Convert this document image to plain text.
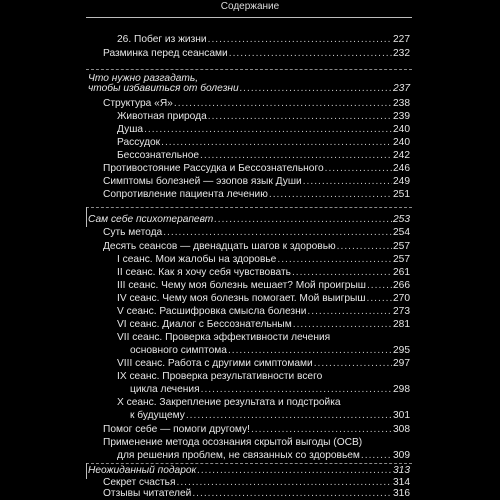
Содержание
26. Побег из жизни .....	227
Разминка перед сеансами .....	232
Что нужно разгадать,
чтобы избавиться от болезни .....	237
Структура «Я» .....	238
Животная природа .....	239
Душа .....	240
Рассудок .....	240
Бессознательное .....	242
Противостояние Рассудка и Бессознательного .....	246
Симптомы болезней — эзопов язык Души .....	249
Сопротивление пациента лечению .....	251
Сам себе психотерапевт .....	253
Суть метода .....	254
Десять сеансов — двенадцать шагов к здоровью .....	257
I сеанс. Мои жалобы на здоровье .....	257
II сеанс. Как я хочу себя чувствовать .....	261
III сеанс. Чему моя болезнь мешает? Мой проигрыш .....	266
IV сеанс. Чему моя болезнь помогает. Мой выигрыш .....	270
V сеанс. Расшифровка смысла болезни .....	273
VI сеанс. Диалог с Бессознательным .....	281
VII сеанс. Проверка эффективности лечения
основного симптома .....	295
VIII сеанс. Работа с другими симптомами .....	297
IX сеанс. Проверка результативности всего
цикла лечения .....	298
X сеанс. Закрепление результата и подстройка
к будущему .....	301
Помог себе — помоги другому! .....	308
Применение метода осознания скрытой выгоды (ОСВ)
для решения проблем, не связанных со здоровьем .....	309
Неожиданный подарок .....	313
Секрет счастья .....	314
Отзывы читателей .....	316
